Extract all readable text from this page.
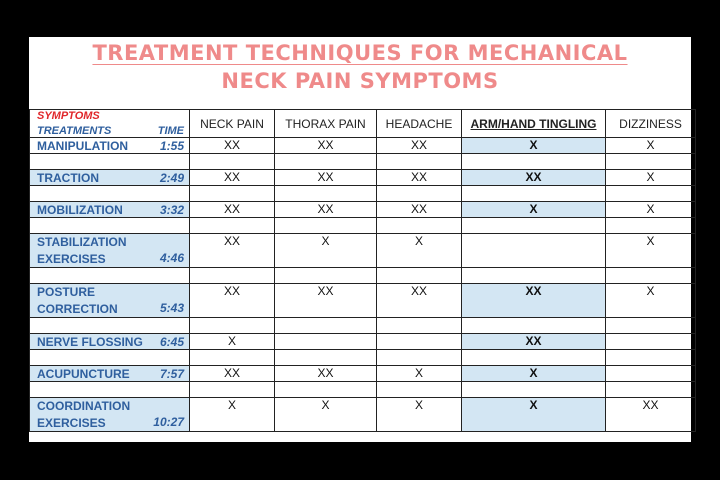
TREATMENT TECHNIQUES FOR MECHANICAL
NECK PAIN SYMPTOMS
SYMPTOMS
TREATMENTS TIME	NECK PAIN	THORAX PAIN	HEADACHE	ARM/HAND TINGLING	DIZZINESS

MANIPULATION 1:55	XX	XX	XX	X	X

TRACTION 2:49	XX	XX	XX	XX	X

MOBILIZATION 3:32	XX	XX	XX	X	X

STABILIZATION
EXERCISES 4:46	XX	X	X		X

POSTURE
CORRECTION 5:43	XX	XX	XX	XX	X

NERVE FLOSSING 6:45	X			XX	

ACUPUNCTURE 7:57	XX	XX	X	X	

COORDINATION
EXERCISES 10:27	X	X	X	X	XX
